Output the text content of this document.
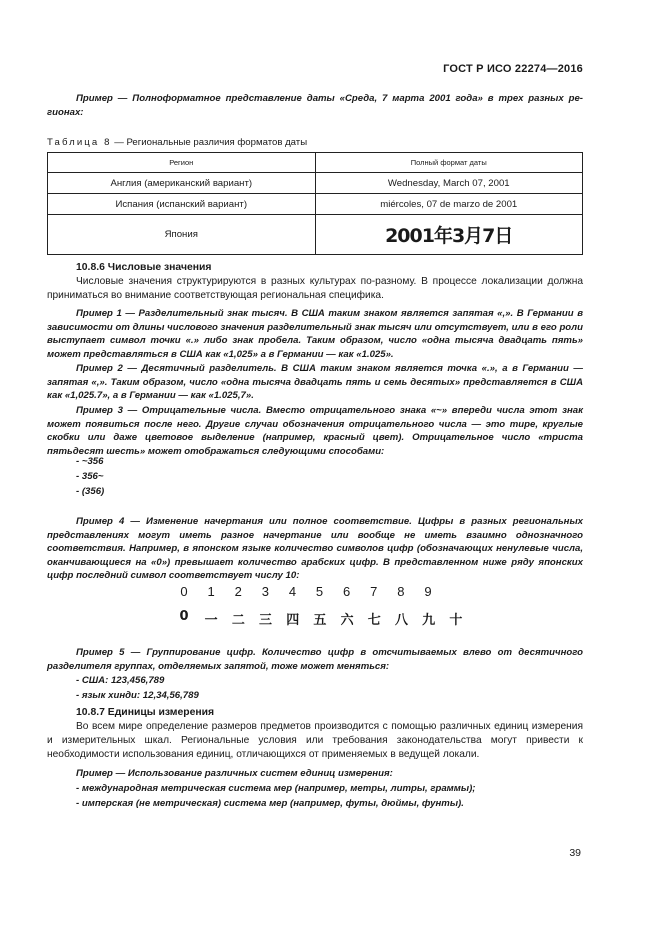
ГОСТ Р ИСО 22274—2016
Пример — Полноформатное представление даты «Среда, 7 марта 2001 года» в трех разных ре-гионах:
Таблица 8 — Региональные различия форматов даты
Регион	Полный формат даты
Англия (американский вариант)	Wednesday, March 07, 2001
Испания (испанский вариант)	miércoles, 07 de marzo de 2001
Япония	2001年3月7日
10.8.6 Числовые значения
Числовые значения структурируются в разных культурах по-разному. В процессе локализации должна приниматься во внимание соответствующая региональная специфика.
Пример 1 — Разделительный знак тысяч. В США таким знаком является запятая «,». В Германии в зависимости от длины числового значения разделительный знак тысяч или отсутствует, или в его роли выступает символ точки «.» либо знак пробела. Таким образом, число «одна тысяча двадцать пять» может представляться в США как «1,025» а в Германии — как «1.025».
Пример 2 — Десятичный разделитель. В США таким знаком является точка «.», а в Германии — запятая «,». Таким образом, число «одна тысяча двадцать пять и семь десятых» представляется в США как «1,025.7», а в Германии — как «1.025,7».
Пример 3 — Отрицательные числа. Вместо отрицательного знака «~» впереди числа этот знак может появиться после него. Другие случаи обозначения отрицательного числа — это тире, круглые скобки или даже цветовое выделение (например, красный цвет). Отрицательное число «триста пятьдесят шесть» может отображаться следующими способами:
- ~356
- 356~
- (356)
Пример 4 — Изменение начертания или полное соответствие. Цифры в разных региональных представлениях могут иметь разное начертание или вообще не иметь взаимно однозначного соответствия. Например, в японском языке количество символов цифр (обозначающих ненулевые числа, оканчивающиеся на «0») превышает количество арабских цифр. В представленном ниже ряду японских цифр последний символ соответствует числу 10:
0	1	2	3	4	5	6	7	8	9
0	一 二 三 四 五 六 七 八 九 十
Пример 5 — Группирование цифр. Количество цифр в отсчитываемых влево от десятичного разделителя группах, отделяемых запятой, тоже может меняться:
- США: 123,456,789
- язык хинди: 12,34,56,789
10.8.7 Единицы измерения
Во всем мире определение размеров предметов производится с помощью различных единиц измерения и измерительных шкал. Региональные условия или требования законодательства могут привести к необходимости использования единиц, отличающихся от применяемых в ведущей локали.
Пример — Использование различных систем единиц измерения:
- международная метрическая система мер (например, метры, литры, граммы);
- имперская (не метрическая) система мер (например, футы, дюймы, фунты).
39
